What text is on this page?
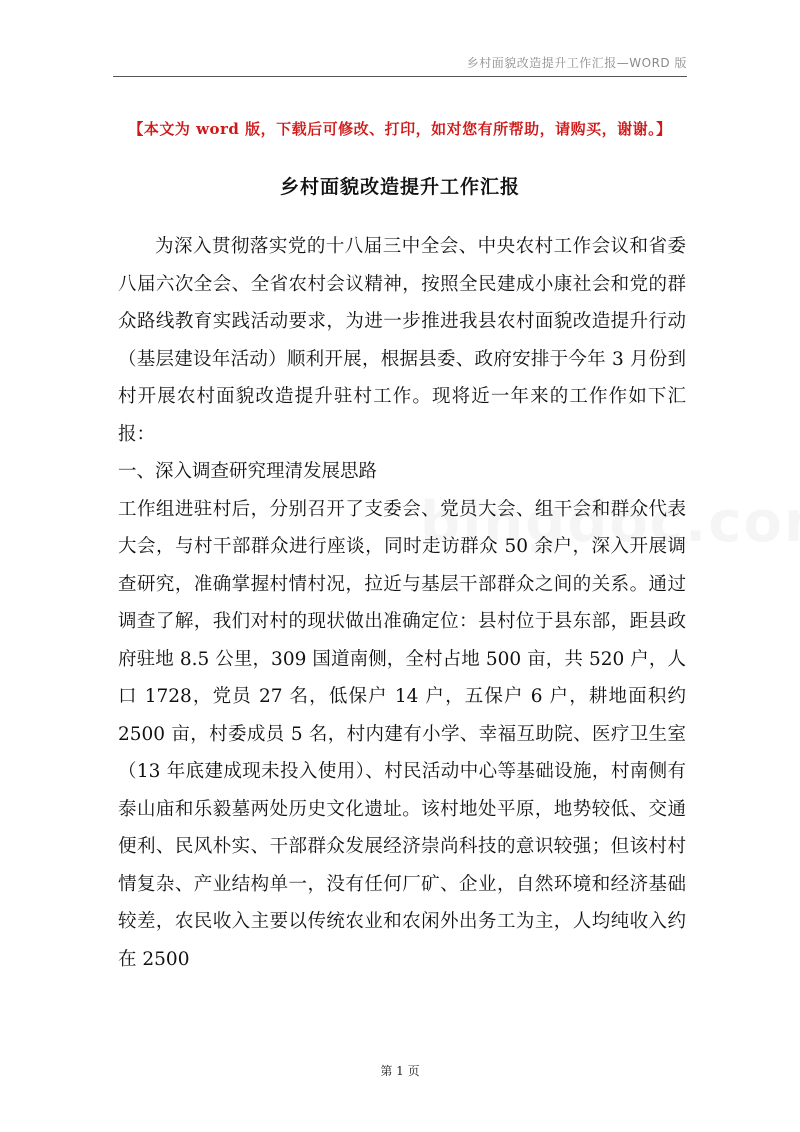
乡村面貌改造提升工作汇报—WORD 版
【本文为 word 版，下载后可修改、打印，如对您有所帮助，请购买，谢谢。】
乡村面貌改造提升工作汇报

为深入贯彻落实党的十八届三中全会、中央农村工作会议和省委八届六次全会、全省农村会议精神，按照全民建成小康社会和党的群众路线教育实践活动要求，为进一步推进我县农村面貌改造提升行动（基层建设年活动）顺利开展，根据县委、政府安排于今年 3 月份到村开展农村面貌改造提升驻村工作。现将近一年来的工作作如下汇报：

一、深入调查研究理清发展思路

工作组进驻村后，分别召开了支委会、党员大会、组干会和群众代表大会，与村干部群众进行座谈，同时走访群众 50 余户，深入开展调查研究，准确掌握村情村况，拉近与基层干部群众之间的关系。通过调查了解，我们对村的现状做出准确定位：县村位于县东部，距县政府驻地 8.5 公里，309 国道南侧，全村占地 500 亩，共 520 户，人口 1728，党员 27 名，低保户 14 户，五保户 6 户，耕地面积约 2500 亩，村委成员 5 名，村内建有小学、幸福互助院、医疗卫生室（13 年底建成现未投入使用）、村民活动中心等基础设施，村南侧有泰山庙和乐毅墓两处历史文化遗址。该村地处平原，地势较低、交通便利、民风朴实、干部群众发展经济崇尚科技的意识较强；但该村村情复杂、产业结构单一，没有任何厂矿、企业，自然环境和经济基础较差，农民收入主要以传统农业和农闲外出务工为主，人均纯收入约在 2500

第 1 页
